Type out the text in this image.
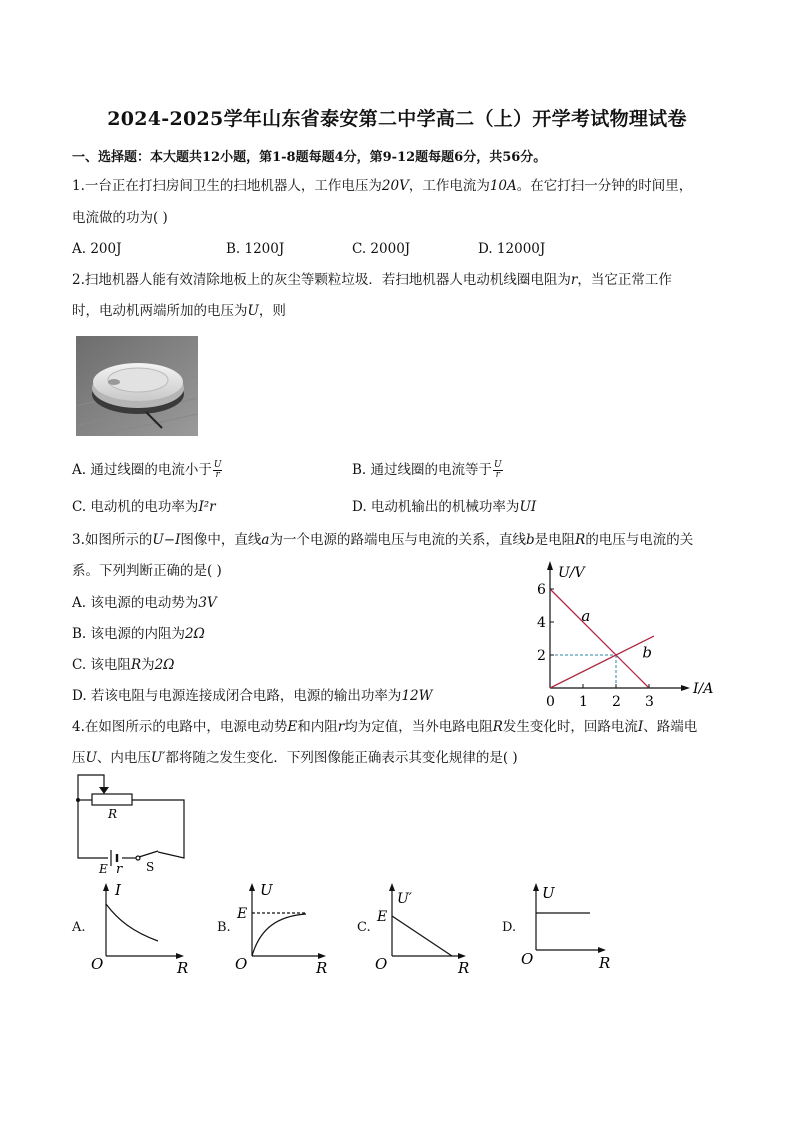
2024-2025学年山东省泰安第二中学高二（上）开学考试物理试卷
一、选择题：本大题共12小题，第1-8题每题4分，第9-12题每题6分，共56分。
1.一台正在打扫房间卫生的扫地机器人，工作电压为20V，工作电流为10A。在它打扫一分钟的时间里，
电流做的功为( )
A. 200J	B. 1200J	C. 2000J	D. 12000J
2.扫地机器人能有效清除地板上的灰尘等颗粒垃圾．若扫地机器人电动机线圈电阻为r，当它正常工作
时，电动机两端所加的电压为U，则
A. 通过线圈的电流小于 $\frac{U}{r}$	B. 通过线圈的电流等于 $\frac{U}{r}$
C. 电动机的电功率为I²r	D. 电动机输出的机械功率为UI
3.如图所示的U−I图像中，直线a为一个电源的路端电压与电流的关系，直线b是电阻R的电压与电流的关
系。下列判断正确的是( )
A. 该电源的电动势为3V
B. 该电源的内阻为2Ω
C. 该电阻R为2Ω
D. 若该电阻与电源连接成闭合电路，电源的输出功率为12W
a
b
2
4
6
0 1 2 3
U/V
I/A
4.在如图所示的电路中，电源电动势E和内阻r均为定值，当外电路电阻R发生变化时，回路电流I、路端电
压U、内电压U′都将随之发生变化．下列图像能正确表示其变化规律的是( )
R
E r S
A.
I
O	R
B.
U
E
O	R
C.
U′
E
O	R
D.
U
O	R
